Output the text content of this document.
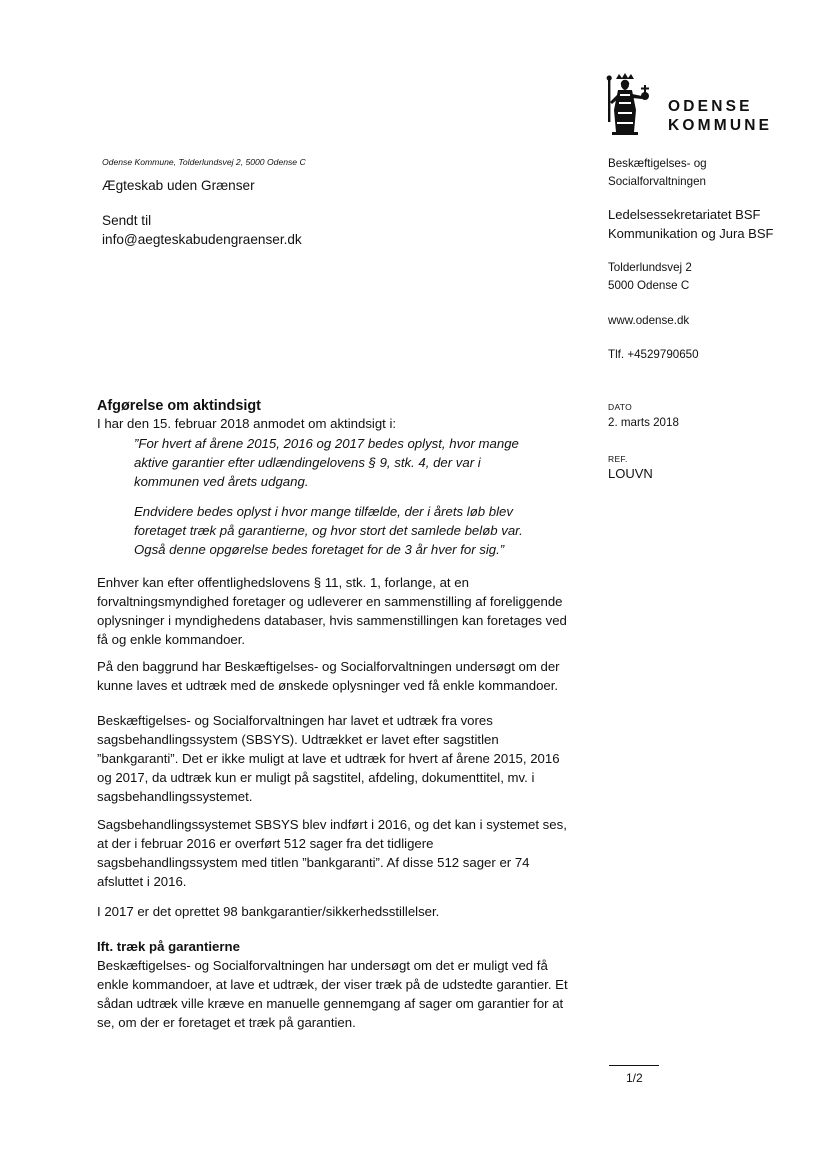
ODENSE
KOMMUNE
Odense Kommune, Tolderlundsvej 2, 5000 Odense C
Ægteskab uden Grænser
Sendt til
info@aegteskabudengraenser.dk
Beskæftigelses- og
Socialforvaltningen
Ledelsessekretariatet BSF
Kommunikation og Jura BSF
Tolderlundsvej 2
5000 Odense C
www.odense.dk
Tlf. +4529790650
DATO
2. marts 2018
REF.
LOUVN
Afgørelse om aktindsigt
I har den 15. februar 2018 anmodet om aktindsigt i:
”For hvert af årene 2015, 2016 og 2017 bedes oplyst, hvor mange
aktive garantier efter udlændingelovens § 9, stk. 4, der var i
kommunen ved årets udgang.
Endvidere bedes oplyst i hvor mange tilfælde, der i årets løb blev
foretaget træk på garantierne, og hvor stort det samlede beløb var.
Også denne opgørelse bedes foretaget for de 3 år hver for sig.”
Enhver kan efter offentlighedslovens § 11, stk. 1, forlange, at en
forvaltningsmyndighed foretager og udleverer en sammenstilling af foreliggende
oplysninger i myndighedens databaser, hvis sammenstillingen kan foretages ved
få og enkle kommandoer.
På den baggrund har Beskæftigelses- og Socialforvaltningen undersøgt om der
kunne laves et udtræk med de ønskede oplysninger ved få enkle kommandoer.
Beskæftigelses- og Socialforvaltningen har lavet et udtræk fra vores
sagsbehandlingssystem (SBSYS). Udtrækket er lavet efter sagstitlen
”bankgaranti”. Det er ikke muligt at lave et udtræk for hvert af årene 2015, 2016
og 2017, da udtræk kun er muligt på sagstitel, afdeling, dokumenttitel, mv. i
sagsbehandlingssystemet.
Sagsbehandlingssystemet SBSYS blev indført i 2016, og det kan i systemet ses,
at der i februar 2016 er overført 512 sager fra det tidligere
sagsbehandlingssystem med titlen ”bankgaranti”. Af disse 512 sager er 74
afsluttet i 2016.
I 2017 er det oprettet 98 bankgarantier/sikkerhedsstillelser.
Ift. træk på garantierne
Beskæftigelses- og Socialforvaltningen har undersøgt om det er muligt ved få
enkle kommandoer, at lave et udtræk, der viser træk på de udstedte garantier. Et
sådan udtræk ville kræve en manuelle gennemgang af sager om garantier for at
se, om der er foretaget et træk på garantien.
1/2
